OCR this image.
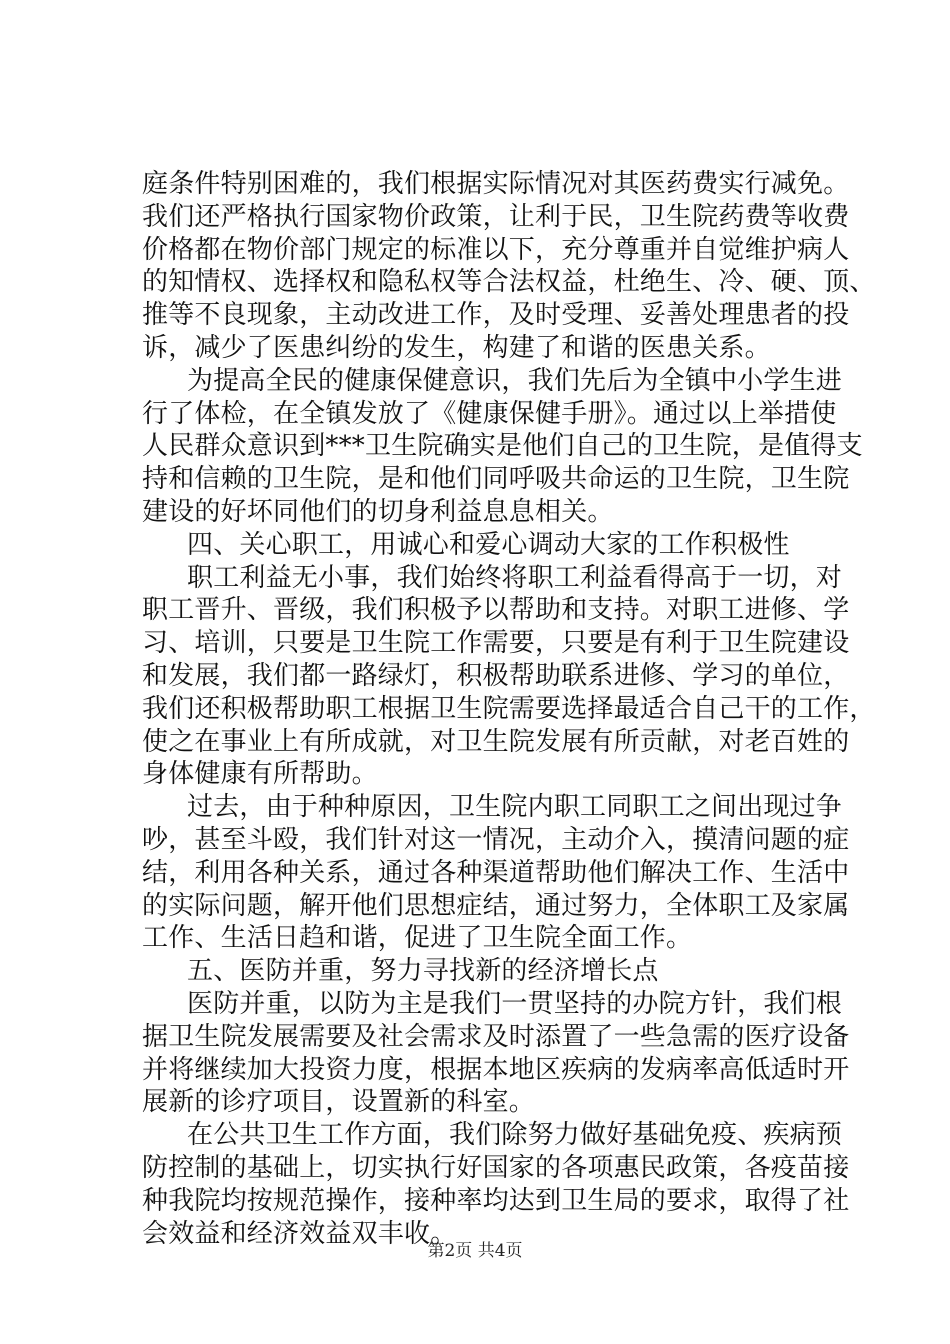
庭条件特别困难的，我们根据实际情况对其医药费实行减免。
我们还严格执行国家物价政策，让利于民，卫生院药费等收费
价格都在物价部门规定的标准以下，充分尊重并自觉维护病人
的知情权、选择权和隐私权等合法权益，杜绝生、冷、硬、顶、
推等不良现象，主动改进工作，及时受理、妥善处理患者的投
诉，减少了医患纠纷的发生，构建了和谐的医患关系。
为提高全民的健康保健意识，我们先后为全镇中小学生进
行了体检，在全镇发放了《健康保健手册》。通过以上举措使
人民群众意识到***卫生院确实是他们自己的卫生院，是值得支
持和信赖的卫生院，是和他们同呼吸共命运的卫生院，卫生院
建设的好坏同他们的切身利益息息相关。
四、关心职工，用诚心和爱心调动大家的工作积极性
职工利益无小事，我们始终将职工利益看得高于一切，对
职工晋升、晋级，我们积极予以帮助和支持。对职工进修、学
习、培训，只要是卫生院工作需要，只要是有利于卫生院建设
和发展，我们都一路绿灯，积极帮助联系进修、学习的单位，
我们还积极帮助职工根据卫生院需要选择最适合自己干的工作，
使之在事业上有所成就，对卫生院发展有所贡献，对老百姓的
身体健康有所帮助。
过去，由于种种原因，卫生院内职工同职工之间出现过争
吵，甚至斗殴，我们针对这一情况，主动介入，摸清问题的症
结，利用各种关系，通过各种渠道帮助他们解决工作、生活中
的实际问题，解开他们思想症结，通过努力，全体职工及家属
工作、生活日趋和谐，促进了卫生院全面工作。
五、医防并重，努力寻找新的经济增长点
医防并重，以防为主是我们一贯坚持的办院方针，我们根
据卫生院发展需要及社会需求及时添置了一些急需的医疗设备
并将继续加大投资力度，根据本地区疾病的发病率高低适时开
展新的诊疗项目，设置新的科室。
在公共卫生工作方面，我们除努力做好基础免疫、疾病预
防控制的基础上，切实执行好国家的各项惠民政策，各疫苗接
种我院均按规范操作，接种率均达到卫生局的要求，取得了社
会效益和经济效益双丰收。
第2页 共4页
